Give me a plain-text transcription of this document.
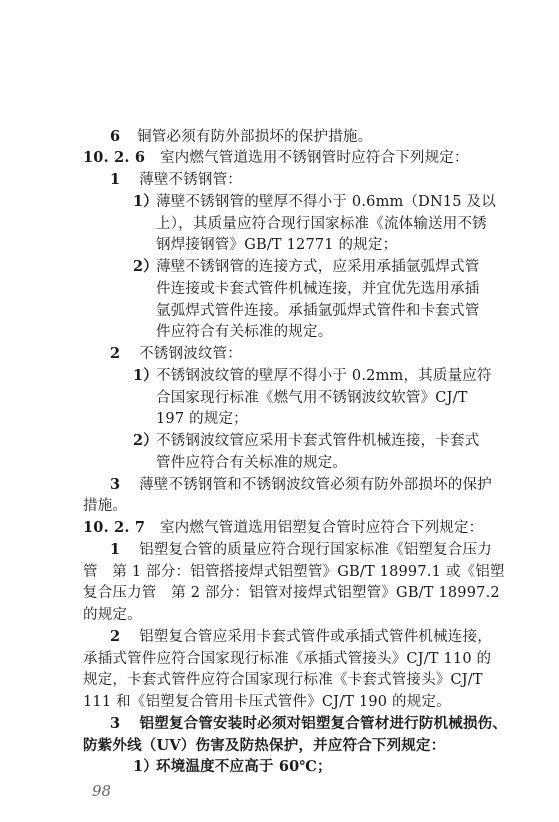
6 铜管必须有防外部损坏的保护措施。
10. 2. 6 室内燃气管道选用不锈钢管时应符合下列规定：
1 薄壁不锈钢管：
1）
薄壁不锈钢管的壁厚不得小于 0.6mm（DN15 及以
上），其质量应符合现行国家标准《流体输送用不锈
钢焊接钢管》GB/T 12771 的规定；
2）
薄壁不锈钢管的连接方式，应采用承插氩弧焊式管
件连接或卡套式管件机械连接，并宜优先选用承插
氩弧焊式管件连接。承插氩弧焊式管件和卡套式管
件应符合有关标准的规定。
2 不锈钢波纹管：
1）
不锈钢波纹管的壁厚不得小于 0.2mm，其质量应符
合国家现行标准《燃气用不锈钢波纹软管》CJ/T
197 的规定；
2）
不锈钢波纹管应采用卡套式管件机械连接，卡套式
管件应符合有关标准的规定。
3 薄壁不锈钢管和不锈钢波纹管必须有防外部损坏的保护
措施。
10. 2. 7 室内燃气管道选用铝塑复合管时应符合下列规定：
1 铝塑复合管的质量应符合现行国家标准《铝塑复合压力
管　第 1 部分：铝管搭接焊式铝塑管》GB/T 18997.1 或《铝塑
复合压力管　第 2 部分：铝管对接焊式铝塑管》GB/T 18997.2
的规定。
2 铝塑复合管应采用卡套式管件或承插式管件机械连接，
承插式管件应符合国家现行标准《承插式管接头》CJ/T 110 的
规定，卡套式管件应符合国家现行标准《卡套式管接头》CJ/T
111 和《铝塑复合管用卡压式管件》CJ/T 190 的规定。
3 铝塑复合管安装时必须对铝塑复合管材进行防机械损伤、
防紫外线（UV）伤害及防热保护，并应符合下列规定：
1）
环境温度不应高于 60℃；
98
